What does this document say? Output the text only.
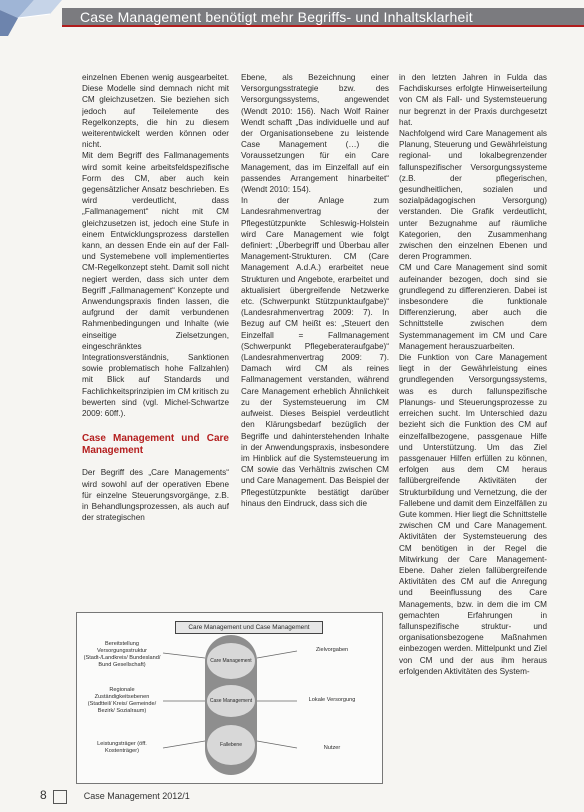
Case Management benötigt mehr Begriffs- und Inhaltsklarheit

einzelnen Ebenen wenig ausgearbeitet. Diese Modelle sind demnach nicht mit CM gleichzusetzen. Sie beziehen sich jedoch auf Teilelemente des Regelkonzepts, die hin zu diesem weiterentwickelt werden können oder nicht.

Mit dem Begriff des Fallmanagements wird somit keine arbeitsfeldspezifische Form des CM, aber auch kein gegensätzlicher Ansatz beschrieben. Es wird verdeutlicht, dass „Fallmanagement“ nicht mit CM gleichzusetzen ist, jedoch eine Stufe in einem Entwicklungsprozess darstellen kann, an dessen Ende ein auf der Fall- und Systemebene voll implementiertes CM-Regelkonzept steht. Damit soll nicht negiert werden, dass sich unter dem Begriff „Fallmanagement“ Konzepte und Anwendungspraxis finden lassen, die aufgrund der damit verbundenen Rahmenbedingungen und Inhalte (wie einseitige Zielsetzungen, eingeschränktes Integrationsverständnis, Sanktionen sowie problematisch hohe Fallzahlen) mit Blick auf Standards und Fachlichkeitsprinzipien im CM kritisch zu bewerten sind (vgl. Michel-Schwartze 2009: 60ff.).

Case Management und Care Management

Der Begriff des „Care Managements“ wird sowohl auf der operativen Ebene für einzelne Steuerungsvorgänge, z.B. in Behandlungsprozessen, als auch auf der strategischen

Ebene, als Bezeichnung einer Versorgungsstrategie bzw. des Versorgungssystems, angewendet (Wendt 2010: 156). Nach Wolf Rainer Wendt schafft „Das individuelle und auf der Organisationsebene zu leistende Case Management (…) die Voraussetzungen für ein Care Management, das im Einzelfall auf ein passendes Arrangement hinarbeitet“ (Wendt 2010: 154).

In der Anlage zum Landesrahmenvertrag der Pflegestützpunkte Schleswig-Holstein wird Care Management wie folgt definiert: „Überbegriff und Überbau aller Management-Strukturen. CM (Care Management A.d.A.) erarbeitet neue Strukturen und Angebote, erarbeitet und aktualisiert übergreifende Netzwerke etc. (Schwerpunkt Stützpunktaufgabe)“ (Landesrahmenvertrag 2009: 7). In Bezug auf CM heißt es: „Steuert den Einzelfall = Fallmanagement (Schwerpunkt Pflegeberateraufgabe)“ (Landesrahmenvertrag 2009: 7). Damach wird CM als reines Fallmanagement verstanden, während Care Management erheblich Ähnlichkeit zu der Systemsteuerung im CM aufweist. Dieses Beispiel verdeutlicht den Klärungsbedarf bezüglich der Begriffe und dahinterstehenden Inhalte in der Anwendungspraxis, insbesondere im Hinblick auf die Systemsteuerung im CM sowie das Verhältnis zwischen CM und Care Management. Das Beispiel der Pflegestützpunkte bestätigt darüber hinaus den Eindruck, dass sich die

in den letzten Jahren in Fulda das Fachdiskurses erfolgte Hinweiserteilung von CM als Fall- und Systemsteuerung nur begrenzt in der Praxis durchgesetzt hat.

Nachfolgend wird Care Management als Planung, Steuerung und Gewährleistung regional- und lokalbegrenzender fallunspezifischer Versorgungssysteme (z.B. der pflegerischen, gesundheitlichen, sozialen und sozialpädagogischen Versorgung) verstanden. Die Grafik verdeutlicht, unter Bezugnahme auf räumliche Kategorien, den Zusammenhang zwischen den einzelnen Ebenen und deren Programmen.

CM und Care Management sind somit aufeinander bezogen, doch sind sie grundlegend zu differenzieren. Dabei ist insbesondere die funktionale Differenzierung, aber auch die Schnittstelle zwischen dem Systemmanagement im CM und Care Management herauszuarbeiten.

Die Funktion von Care Management liegt in der Gewährleistung eines grundlegenden Versorgungssystems, was es durch fallunspezifische Planungs- und Steuerungsprozesse zu erreichen sucht. Im Unterschied dazu bezieht sich die Funktion des CM auf einzelfallbezogene, passgenaue Hilfe und Unterstützung. Um das Ziel passgenauer Hilfen erfüllen zu können, erfolgen aus dem CM heraus fallübergreifende Aktivitäten der Strukturbildung und Vernetzung, die der Fallebene und damit dem Einzelfällen zu Gute kommen. Hier liegt die Schnittstelle zwischen CM und Care Management. Aktivitäten der Systemsteuerung des CM benötigen in der Regel die Mitwirkung der Care Management-Ebene. Daher zielen fallübergreifende Aktivitäten des CM auf die Anregung und Beeinflussung des Care Managements, bzw. in dem die im CM gemachten Erfahrungen in fallunspezifische struktur- und organisationsbezogene Maßnahmen einbezogen werden. Mittelpunkt und Ziel von CM und der aus ihm heraus erfolgenden Aktivitäten des System-

Care Management und Case Management
Bereitstellung Versorgungsstruktur (Stadt-/Landkreis/ Bundesland/ Bund Gesellschaft)
Regionale Zuständigkeitsebenen (Stadtteil/ Kreis/ Gemeinde/ Bezirk/ Sozialraum)
Leistungsträger (öff. Kostenträger)
Care Management
Case Management
Fallebene
Zielvorgaben
Lokale Versorgung
Nutzer
8	Case Management 2012/1
